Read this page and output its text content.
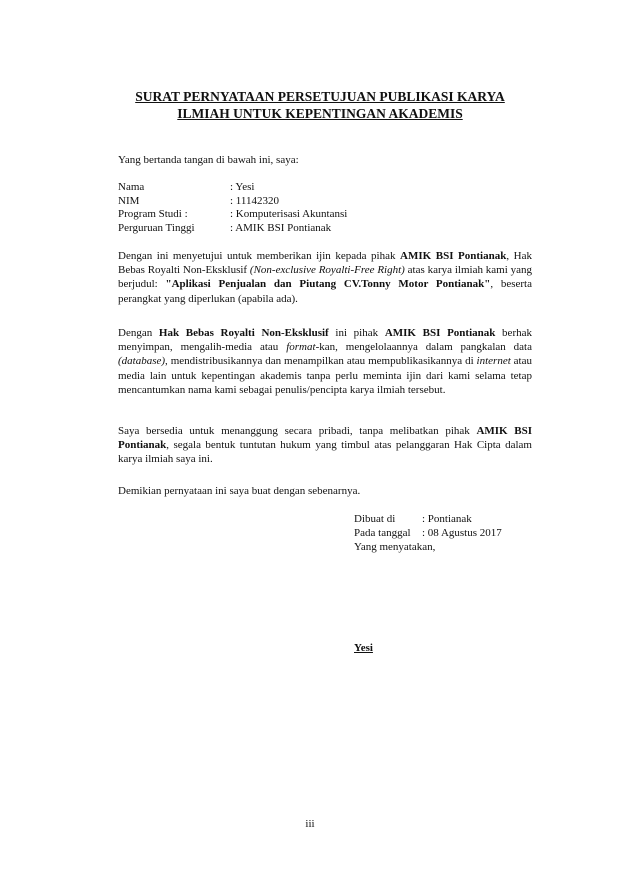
SURAT PERNYATAAN PERSETUJUAN PUBLIKASI KARYA
ILMIAH UNTUK KEPENTINGAN AKADEMIS
Yang bertanda tangan di bawah ini, saya:
Nama	: Yesi
NIM	: 11142320
Program Studi :	: Komputerisasi Akuntansi
Perguruan Tinggi	: AMIK BSI Pontianak
Dengan ini menyetujui untuk memberikan ijin kepada pihak AMIK BSI Pontianak, Hak Bebas Royalti Non-Eksklusif (Non-exclusive Royalti-Free Right) atas karya ilmiah kami yang berjudul: "Aplikasi Penjualan dan Piutang CV.Tonny Motor Pontianak", beserta perangkat yang diperlukan (apabila ada).
Dengan Hak Bebas Royalti Non-Eksklusif ini pihak AMIK BSI Pontianak berhak menyimpan, mengalih-media atau format-kan, mengelolaannya dalam pangkalan data (database), mendistribusikannya dan menampilkan atau mempublikasikannya di internet atau media lain untuk kepentingan akademis tanpa perlu meminta ijin dari kami selama tetap mencantumkan nama kami sebagai penulis/pencipta karya ilmiah tersebut.
Saya bersedia untuk menanggung secara pribadi, tanpa melibatkan pihak AMIK BSI Pontianak, segala bentuk tuntutan hukum yang timbul atas pelanggaran Hak Cipta dalam karya ilmiah saya ini.
Demikian pernyataan ini saya buat dengan sebenarnya.
Dibuat di : Pontianak
Pada tanggal : 08 Agustus 2017
Yang menyatakan,
Yesi
iii
